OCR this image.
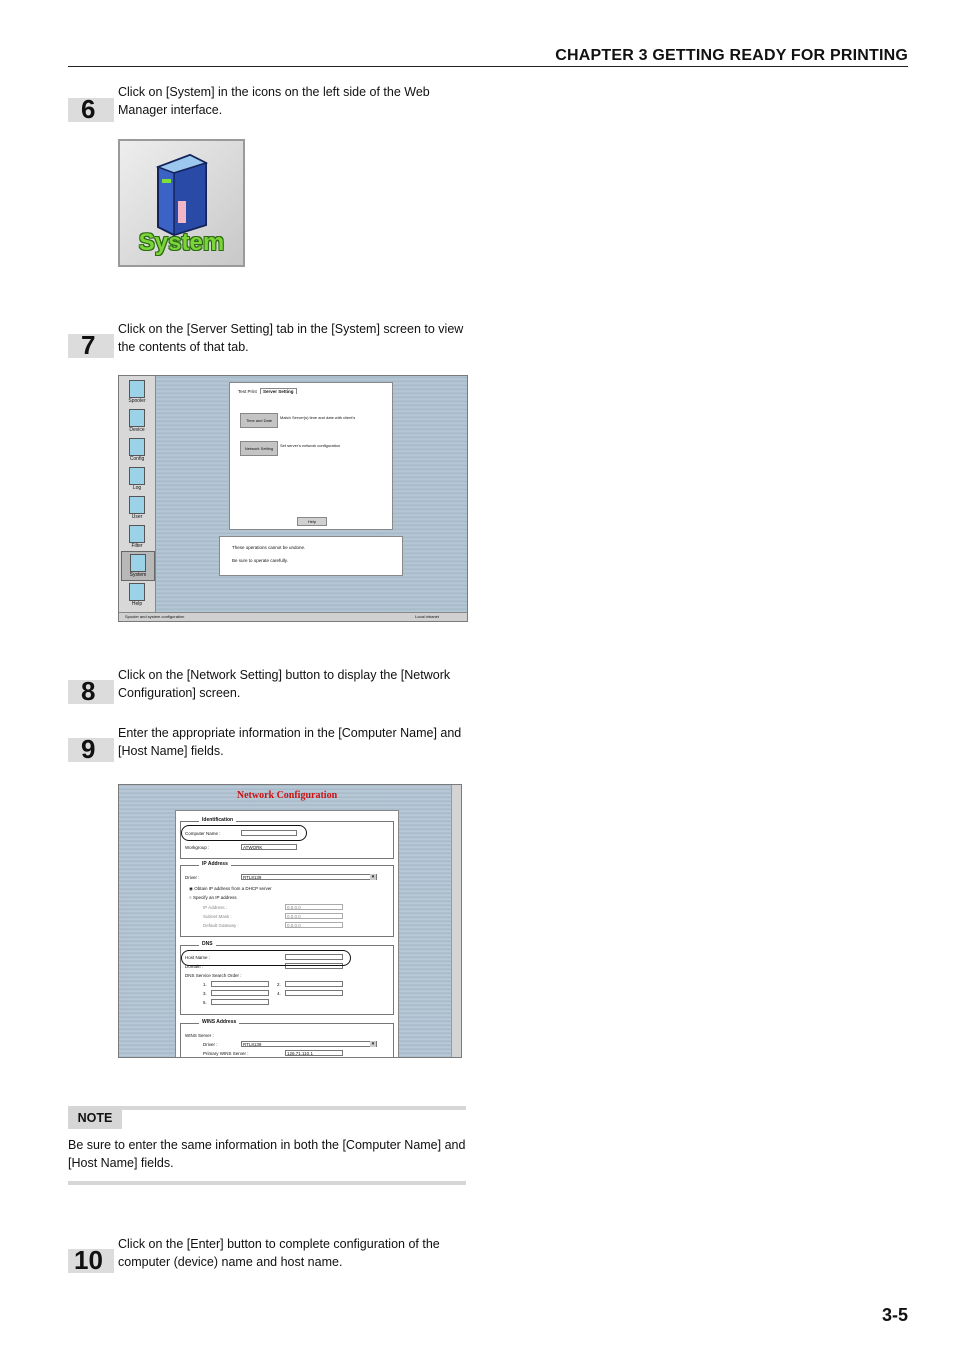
CHAPTER 3 GETTING READY FOR PRINTING
6
Click on [System] in the icons on the left side of the Web Manager interface.
System
7
Click on the [Server Setting] tab in the [System] screen to view the contents of that tab.
Spooler
Device
Config
Log
User
Filter
System
Help
Test Print	Server Setting
Time and Date
Match Server(s) time and date with client's
Network Setting
Set server's network configuration
Help
These operations cannot be undone.
Be sure to operate carefully.
Spooler and system configuration	Local intranet
8
Click on the [Network Setting] button to display the [Network Configuration] screen.
9
Enter the appropriate information in the [Computer Name] and [Host Name] fields.
Network Configuration
Identification
Computer Name :
Workgroup :	ATWORK
IP Address
Driver :	RTL8139 ▾
◉ Obtain IP address from a DHCP server
○ Specify an IP address
IP Address :	0.0.0.0
Subnet Mask :	0.0.0.0
Default Gateway :	0.0.0.0
DNS
Host Name :
Domain :
DNS Service Search Order :
1.	2.
3.	4.
5.
WINS Address
WINS Server :
Driver :	RTL8139 ▾
Primary WINS Server :	126.71.110.1
NOTE
Be sure to enter the same information in both the [Computer Name] and [Host Name] fields.
10
Click on the [Enter] button to complete configuration of the computer (device) name and host name.
3-5
